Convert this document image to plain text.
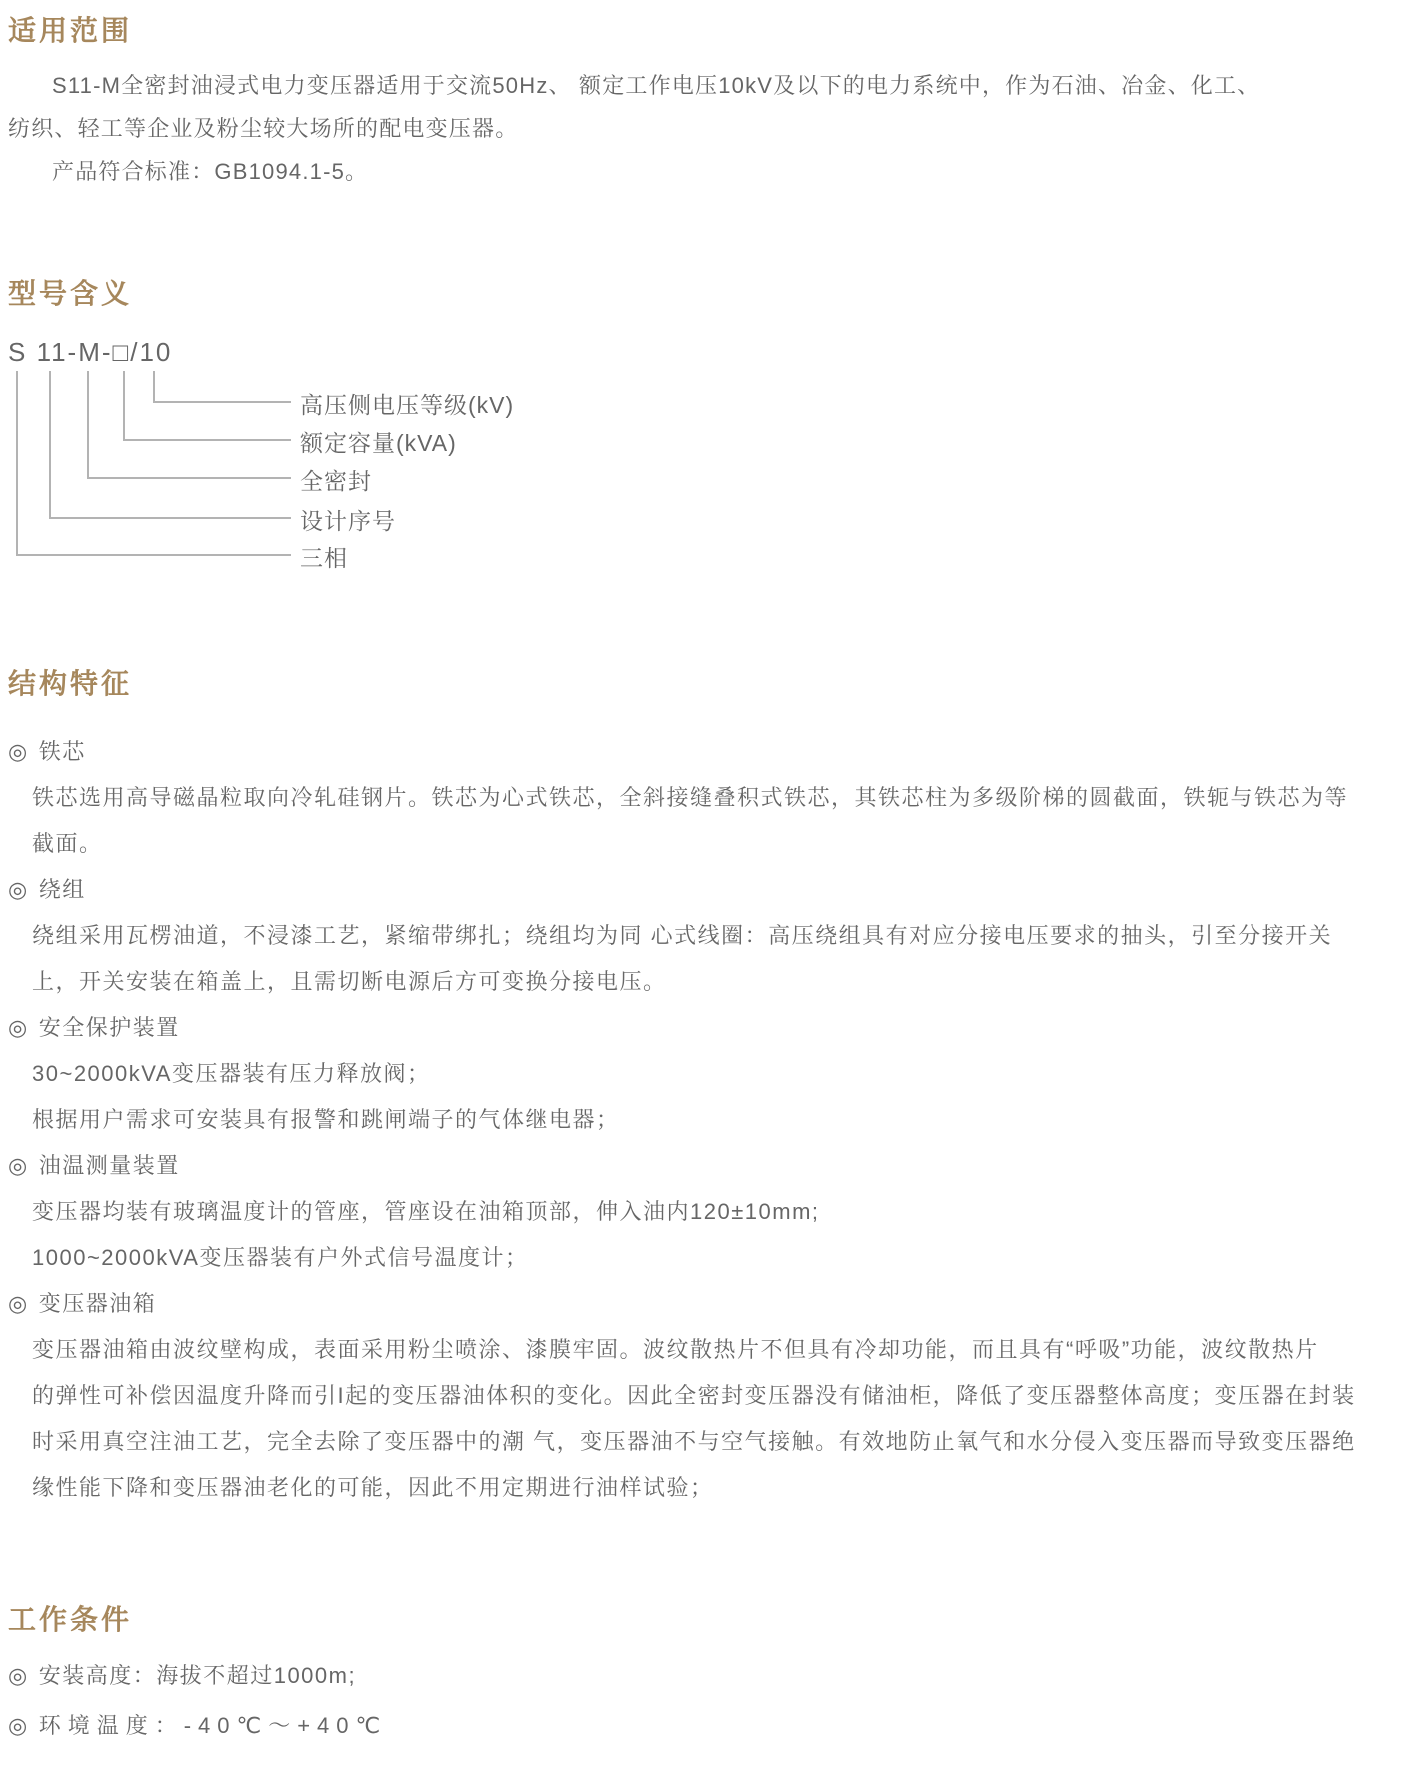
适用范围
S11-M全密封油浸式电力变压器适用于交流50Hz、 额定工作电压10kV及以下的电力系统中，作为石油、冶金、化工、
纺织、轻工等企业及粉尘较大场所的配电变压器。
产品符合标准：GB1094.1-5。
型号含义
S 11-M-□/10
高压侧电压等级(kV)
额定容量(kVA)
全密封
设计序号
三相
结构特征
◎ 铁芯
铁芯选用高导磁晶粒取向冷轧硅钢片。铁芯为心式铁芯，全斜接缝叠积式铁芯，其铁芯柱为多级阶梯的圆截面，铁轭与铁芯为等
截面。
◎ 绕组
绕组采用瓦楞油道，不浸漆工艺，紧缩带绑扎；绕组均为同 心式线圈：高压绕组具有对应分接电压要求的抽头，引至分接开关
上，开关安装在箱盖上，且需切断电源后方可变换分接电压。
◎ 安全保护装置
30~2000kVA变压器装有压力释放阀；
根据用户需求可安装具有报警和跳闸端子的气体继电器；
◎ 油温测量装置
变压器均装有玻璃温度计的管座，管座设在油箱顶部，伸入油内120±10mm;
1000~2000kVA变压器装有户外式信号温度计；
◎ 变压器油箱
变压器油箱由波纹壁构成，表面采用粉尘喷涂、漆膜牢固。波纹散热片不但具有冷却功能，而且具有“呼吸”功能，波纹散热片
的弹性可补偿因温度升降而引I起的变压器油体积的变化。因此全密封变压器没有储油柜，降低了变压器整体高度；变压器在封装
时采用真空注油工艺，完全去除了变压器中的潮 气，变压器油不与空气接触。有效地防止氧气和水分侵入变压器而导致变压器绝
缘性能下降和变压器油老化的可能，因此不用定期进行油样试验；
工作条件
◎ 安装高度：海拔不超过1000m;
◎ 环境温度：-40℃～+40℃
